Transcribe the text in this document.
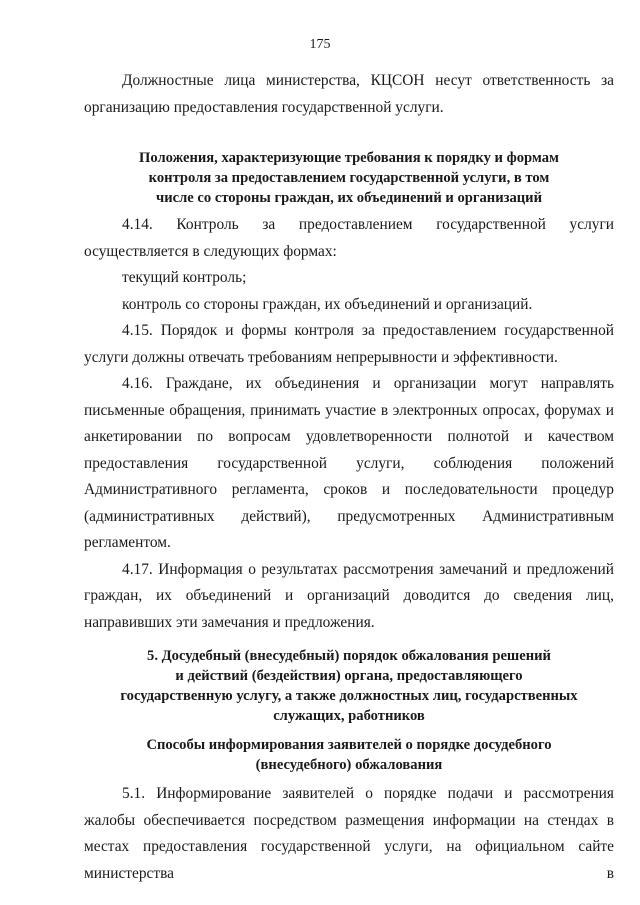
175

Должностные лица министерства, КЦСОН несут ответственность за организацию предоставления государственной услуги.

Положения, характеризующие требования к порядку и формам

контроля за предоставлением государственной услуги, в том

числе со стороны граждан, их объединений и организаций

4.14. Контроль за предоставлением государственной услуги осуществляется в следующих формах:

текущий контроль;

контроль со стороны граждан, их объединений и организаций.

4.15. Порядок и формы контроля за предоставлением государственной услуги должны отвечать требованиям непрерывности и эффективности.

4.16. Граждане, их объединения и организации могут направлять письменные обращения, принимать участие в электронных опросах, форумах и анкетировании по вопросам удовлетворенности полнотой и качеством предоставления государственной услуги, соблюдения положений Административного регламента, сроков и последовательности процедур (административных действий), предусмотренных Административным регламентом.

4.17. Информация о результатах рассмотрения замечаний и предложений граждан, их объединений и организаций доводится до сведения лиц, направивших эти замечания и предложения.

5. Досудебный (внесудебный) порядок обжалования решений

и действий (бездействия) органа, предоставляющего

государственную услугу, а также должностных лиц, государственных

служащих, работников

Способы информирования заявителей о порядке досудебного

(внесудебного) обжалования

5.1. Информирование заявителей о порядке подачи и рассмотрения жалобы обеспечивается посредством размещения информации на стендах в местах предоставления государственной услуги, на официальном сайте министерства в
